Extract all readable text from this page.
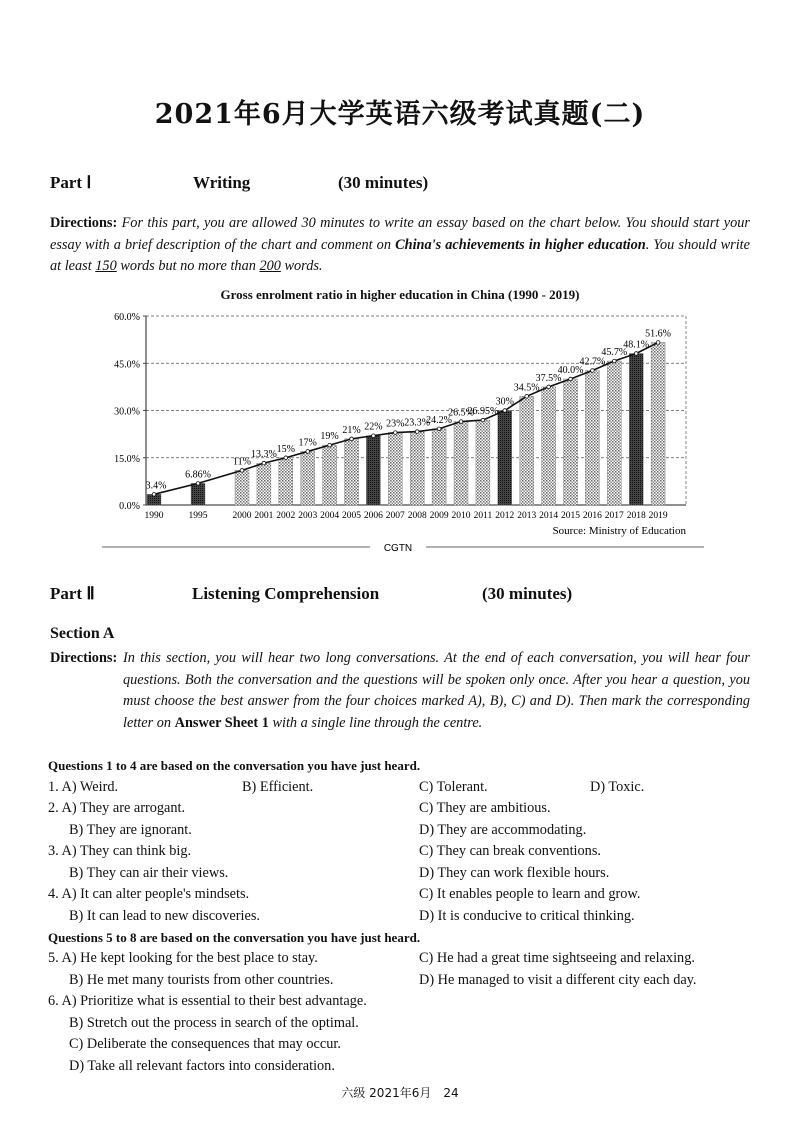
2021年6月大学英语六级考试真题(二)
Part Ⅰ	Writing	(30 minutes)
Directions: For this part, you are allowed 30 minutes to write an essay based on the chart below. You should start your essay with a brief description of the chart and comment on China's achievements in higher education. You should write at least 150 words but no more than 200 words.
Gross enrolment ratio in higher education in China (1990 - 2019)
3.4%
6.86%
11%
13.3% 15%
17%
19%
21% 22% 23% 23.3%
24.2%
26.5%
26.95%
30%
34.5%
37.5%
40.0%
42.7%
45.7%
48.1%
51.6%
1990	1995	2000 2001 2002 2003 2004 2005 2006 2007 2008 2009 2010 2011 2012 2013 2014 2015 2016 2017 2018 2019
0.0%
15.0%
30.0%
45.0%
60.0%
Source: Ministry of Education
CGTN
Part Ⅱ	Listening Comprehension	(30 minutes)
Section A
Directions: In this section, you will hear two long conversations. At the end of each conversation, you will hear four questions. Both the conversation and the questions will be spoken only once. After you hear a question, you must choose the best answer from the four choices marked A), B), C) and D). Then mark the corresponding letter on Answer Sheet 1 with a single line through the centre.
Questions 1 to 4 are based on the conversation you have just heard.
1. A) Weird.	B) Efficient.	C) Tolerant.	D) Toxic.
2. A) They are arrogant.	C) They are ambitious.
B) They are ignorant.	D) They are accommodating.
3. A) They can think big.	C) They can break conventions.
B) They can air their views.	D) They can work flexible hours.
4. A) It can alter people's mindsets.	C) It enables people to learn and grow.
B) It can lead to new discoveries.	D) It is conducive to critical thinking.
Questions 5 to 8 are based on the conversation you have just heard.
5. A) He kept looking for the best place to stay.	C) He had a great time sightseeing and relaxing.
B) He met many tourists from other countries.	D) He managed to visit a different city each day.
6. A) Prioritize what is essential to their best advantage.
B) Stretch out the process in search of the optimal.
C) Deliberate the consequences that may occur.
D) Take all relevant factors into consideration.
六级 2021年6月　24
